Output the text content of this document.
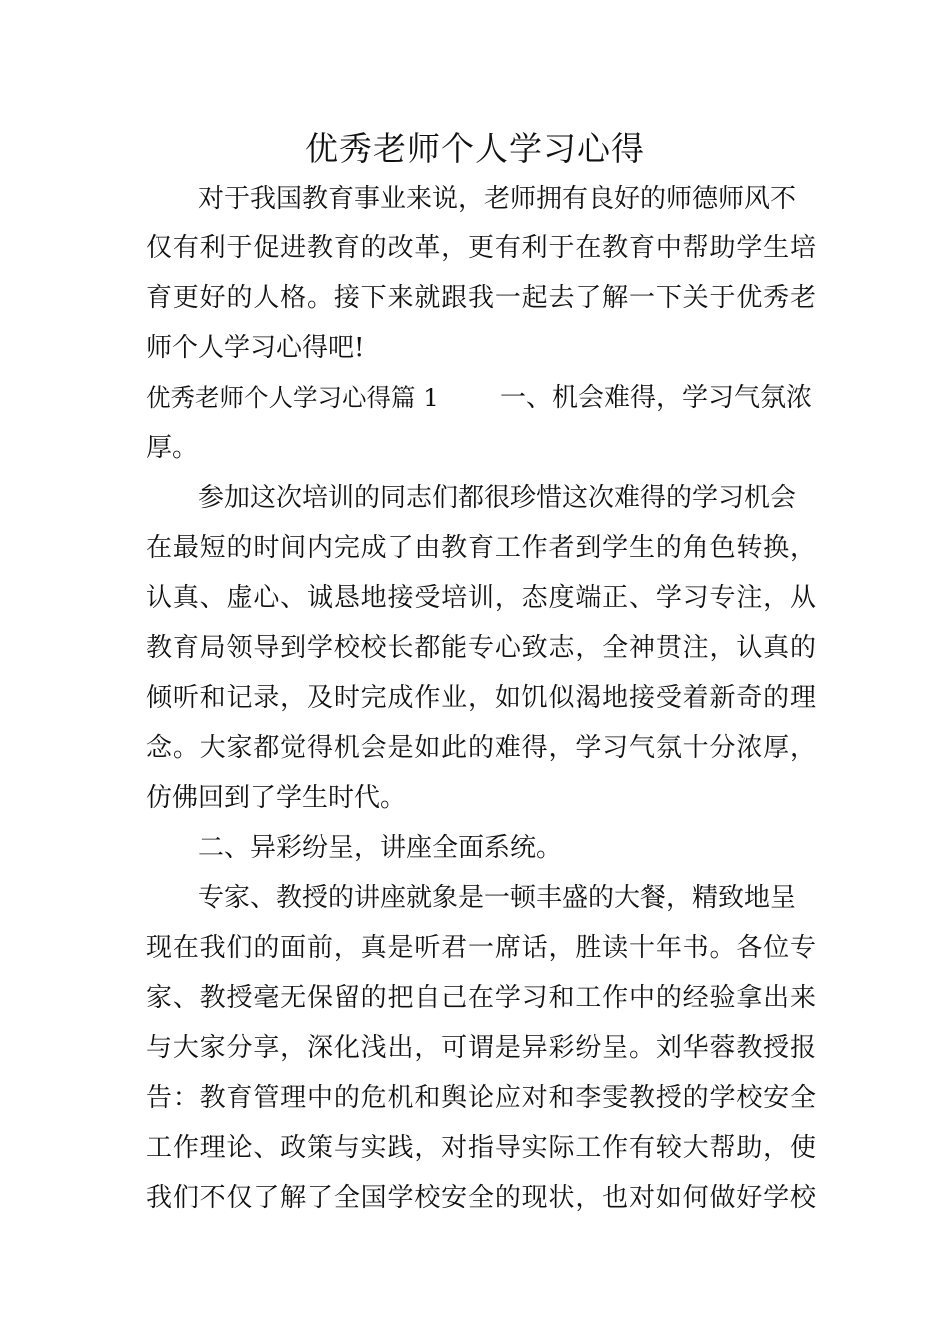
优秀老师个人学习心得

对于我国教育事业来说，老师拥有良好的师德师风不

仅有利于促进教育的改革，更有利于在教育中帮助学生培

育更好的人格。接下来就跟我一起去了解一下关于优秀老

师个人学习心得吧!

优秀老师个人学习心得篇 1	一、机会难得，学习气氛浓

厚。

参加这次培训的同志们都很珍惜这次难得的学习机会

在最短的时间内完成了由教育工作者到学生的角色转换，

认真、虚心、诚恳地接受培训，态度端正、学习专注，从

教育局领导到学校校长都能专心致志，全神贯注，认真的

倾听和记录，及时完成作业，如饥似渴地接受着新奇的理

念。大家都觉得机会是如此的难得，学习气氛十分浓厚，

仿佛回到了学生时代。

二、异彩纷呈，讲座全面系统。

专家、教授的讲座就象是一顿丰盛的大餐，精致地呈

现在我们的面前，真是听君一席话，胜读十年书。各位专

家、教授毫无保留的把自己在学习和工作中的经验拿出来

与大家分享，深化浅出，可谓是异彩纷呈。刘华蓉教授报

告：教育管理中的危机和舆论应对和李雯教授的学校安全

工作理论、政策与实践，对指导实际工作有较大帮助，使

我们不仅了解了全国学校安全的现状，也对如何做好学校
